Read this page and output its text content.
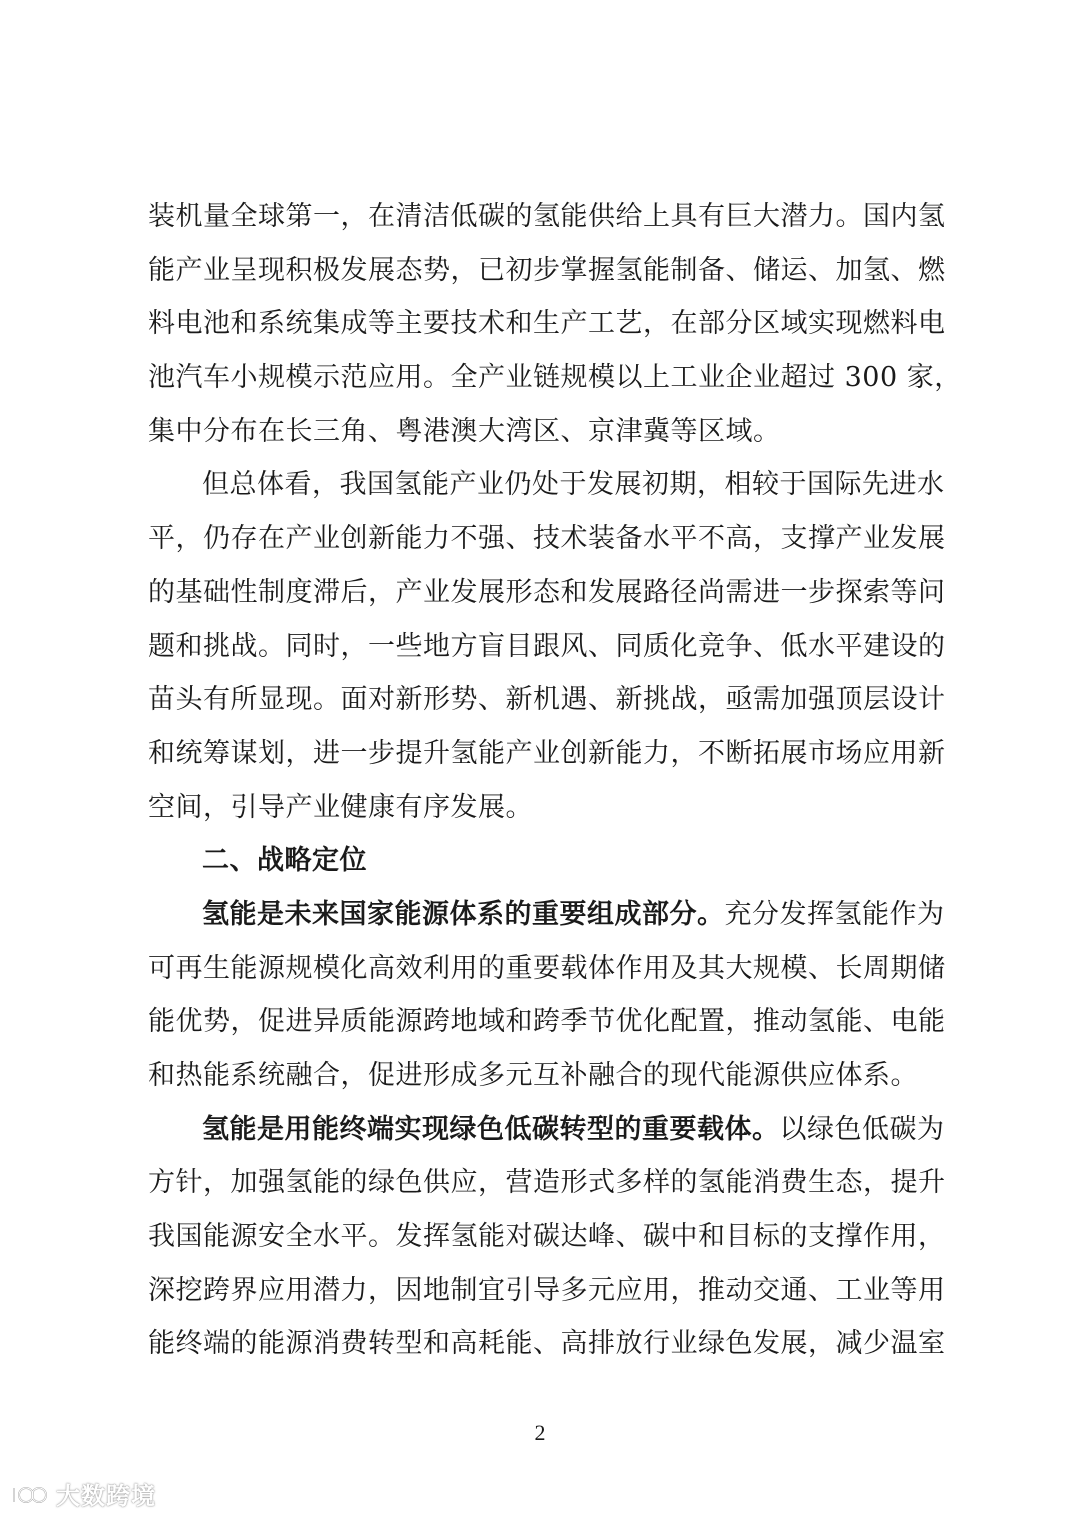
装机量全球第一，在清洁低碳的氢能供给上具有巨大潜力。国内氢
能产业呈现积极发展态势，已初步掌握氢能制备、储运、加氢、燃
料电池和系统集成等主要技术和生产工艺，在部分区域实现燃料电
池汽车小规模示范应用。全产业链规模以上工业企业超过 300 家，
集中分布在长三角、粤港澳大湾区、京津冀等区域。
但总体看，我国氢能产业仍处于发展初期，相较于国际先进水
平，仍存在产业创新能力不强、技术装备水平不高，支撑产业发展
的基础性制度滞后，产业发展形态和发展路径尚需进一步探索等问
题和挑战。同时，一些地方盲目跟风、同质化竞争、低水平建设的
苗头有所显现。面对新形势、新机遇、新挑战，亟需加强顶层设计
和统筹谋划，进一步提升氢能产业创新能力，不断拓展市场应用新
空间，引导产业健康有序发展。
二、战略定位
氢能是未来国家能源体系的重要组成部分。充分发挥氢能作为
可再生能源规模化高效利用的重要载体作用及其大规模、长周期储
能优势，促进异质能源跨地域和跨季节优化配置，推动氢能、电能
和热能系统融合，促进形成多元互补融合的现代能源供应体系。
氢能是用能终端实现绿色低碳转型的重要载体。以绿色低碳为
方针，加强氢能的绿色供应，营造形式多样的氢能消费生态，提升
我国能源安全水平。发挥氢能对碳达峰、碳中和目标的支撑作用，
深挖跨界应用潜力，因地制宜引导多元应用，推动交通、工业等用
能终端的能源消费转型和高耗能、高排放行业绿色发展，减少温室
2
大数跨境
